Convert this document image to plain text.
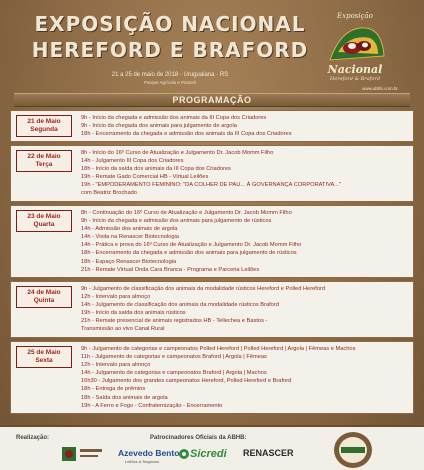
EXPOSIÇÃO NACIONAL
HEREFORD E BRAFORD
21 a 25 de maio de 2018 · Uruguaiana · RS
Parque Agrícola e Pastoril
Exposição
Nacional
Hereford & Braford
www.abhb.com.br
PROGRAMAÇÃO
21 de Maio
Segunda
9h - Início da chegada e admissão dos animais da III Copa dos Criadores
9h - Início da chegada dos animais para julgamento de argola
18h - Encerramento da chegada e admissão dos animais da III Copa dos Criadores
22 de Maio
Terça
8h - Início do 16º Curso de Atualização e Julgamento Dr. Jacob Momm Filho
14h - Julgamento III Copa dos Criadores
18h - Início da saída dos animais da III Copa dos Criadores
19h - Remate Gado Comercial HB - Virtual Leilões
19h - "EMPODERAMENTO FEMININO: "DA COLHER DE PAU... À GOVERNANÇA CORPORATIVA..."
com Beatriz Brochado
23 de Maio
Quarta
8h - Continuação do 16º Curso de Atualização e Julgamento Dr. Jacob Momm Filho
9h - Início da chegada e admissão dos animais para julgamento de rústicos
14h - Admissão dos animais de argola
14h - Visita na Renascer Biotecnologia
14h - Prática e prova do 16º Curso de Atualização e Julgamento Dr. Jacob Momm Filho
18h - Encerramento da chegada e admissão dos animais para julgamento de rústicos
18h - Espaço Renascer Biotecnologia
21h - Remate Virtual Onda Cara Branca - Programa e Parceria Leilões
24 de Maio
Quinta
9h - Julgamento de classificação dos animais da modalidade rústicos Hereford e Polled Hereford
12h - Intervalo para almoço
14h - Julgamento de classificação dos animais da modalidade rústicos Braford
19h - Início da saída dos animais rústicos
21h - Remate presencial de animais registrados HB - Tellechea e Bastos -
Transmissão ao vivo Canal Rural
25 de Maio
Sexta
9h - Julgamento de categorias e campeonatos Polled Hereford | Polled Hereford | Argola | Fêmeas e Machos
11h - Julgamento de categorias e campeonatos Braford | Argola | Fêmeas
12h - Intervalo para almoço
14h - Julgamento de categorias e campeonatos Braford | Argola | Machos
16h30 - Julgamento dos grandes campeonatos Hereford, Polled Hereford e Braford
18h - Entrega de prêmios
18h - Saída dos animais de argola
19h - A Ferro e Fogo - Confraternização - Encerramento
Realização:	Patrocinadores Oficiais da ABHB:
Azevedo Bento
Leilões & Negócios
Sicredi RENASCER
